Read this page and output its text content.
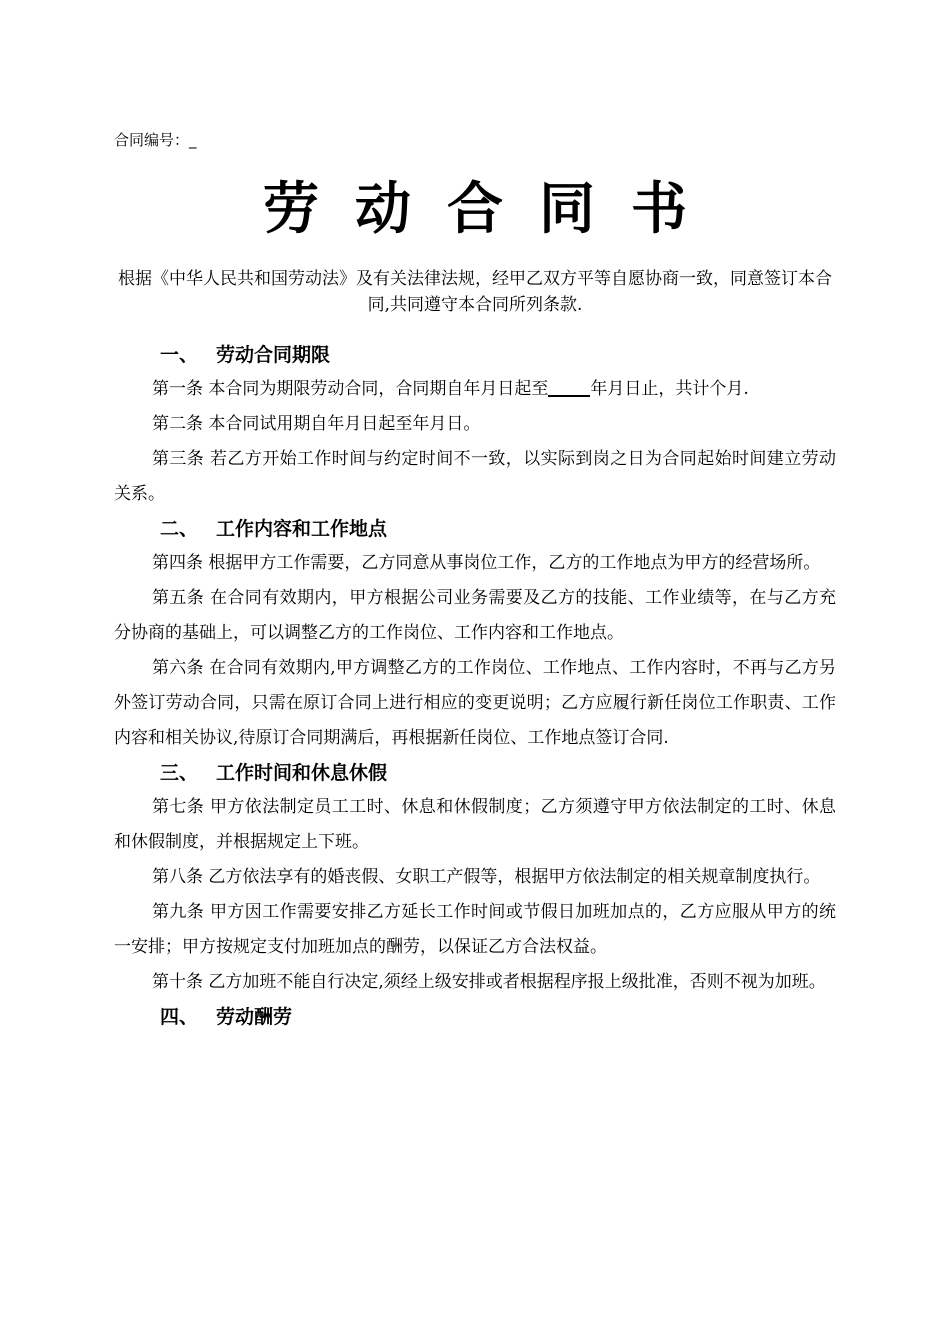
合同编号：_
劳动合同书
根据《中华人民共和国劳动法》及有关法律法规，经甲乙双方平等自愿协商一致，同意签订本合同,共同遵守本合同所列条款.
一、 劳动合同期限

第一条 本合同为期限劳动合同，合同期自年月日起至 年月日止，共计个月.

第二条 本合同试用期自年月日起至年月日。

第三条 若乙方开始工作时间与约定时间不一致，以实际到岗之日为合同起始时间建立劳动关系。

二、 工作内容和工作地点

第四条 根据甲方工作需要，乙方同意从事岗位工作，乙方的工作地点为甲方的经营场所。

第五条 在合同有效期内，甲方根据公司业务需要及乙方的技能、工作业绩等，在与乙方充分协商的基础上，可以调整乙方的工作岗位、工作内容和工作地点。

第六条 在合同有效期内,甲方调整乙方的工作岗位、工作地点、工作内容时，不再与乙方另外签订劳动合同，只需在原订合同上进行相应的变更说明；乙方应履行新任岗位工作职责、工作内容和相关协议,待原订合同期满后，再根据新任岗位、工作地点签订合同.

三、 工作时间和休息休假

第七条 甲方依法制定员工工时、休息和休假制度；乙方须遵守甲方依法制定的工时、休息和休假制度，并根据规定上下班。

第八条 乙方依法享有的婚丧假、女职工产假等，根据甲方依法制定的相关规章制度执行。

第九条 甲方因工作需要安排乙方延长工作时间或节假日加班加点的，乙方应服从甲方的统一安排；甲方按规定支付加班加点的酬劳，以保证乙方合法权益。

第十条 乙方加班不能自行决定,须经上级安排或者根据程序报上级批准，否则不视为加班。

四、 劳动酬劳
